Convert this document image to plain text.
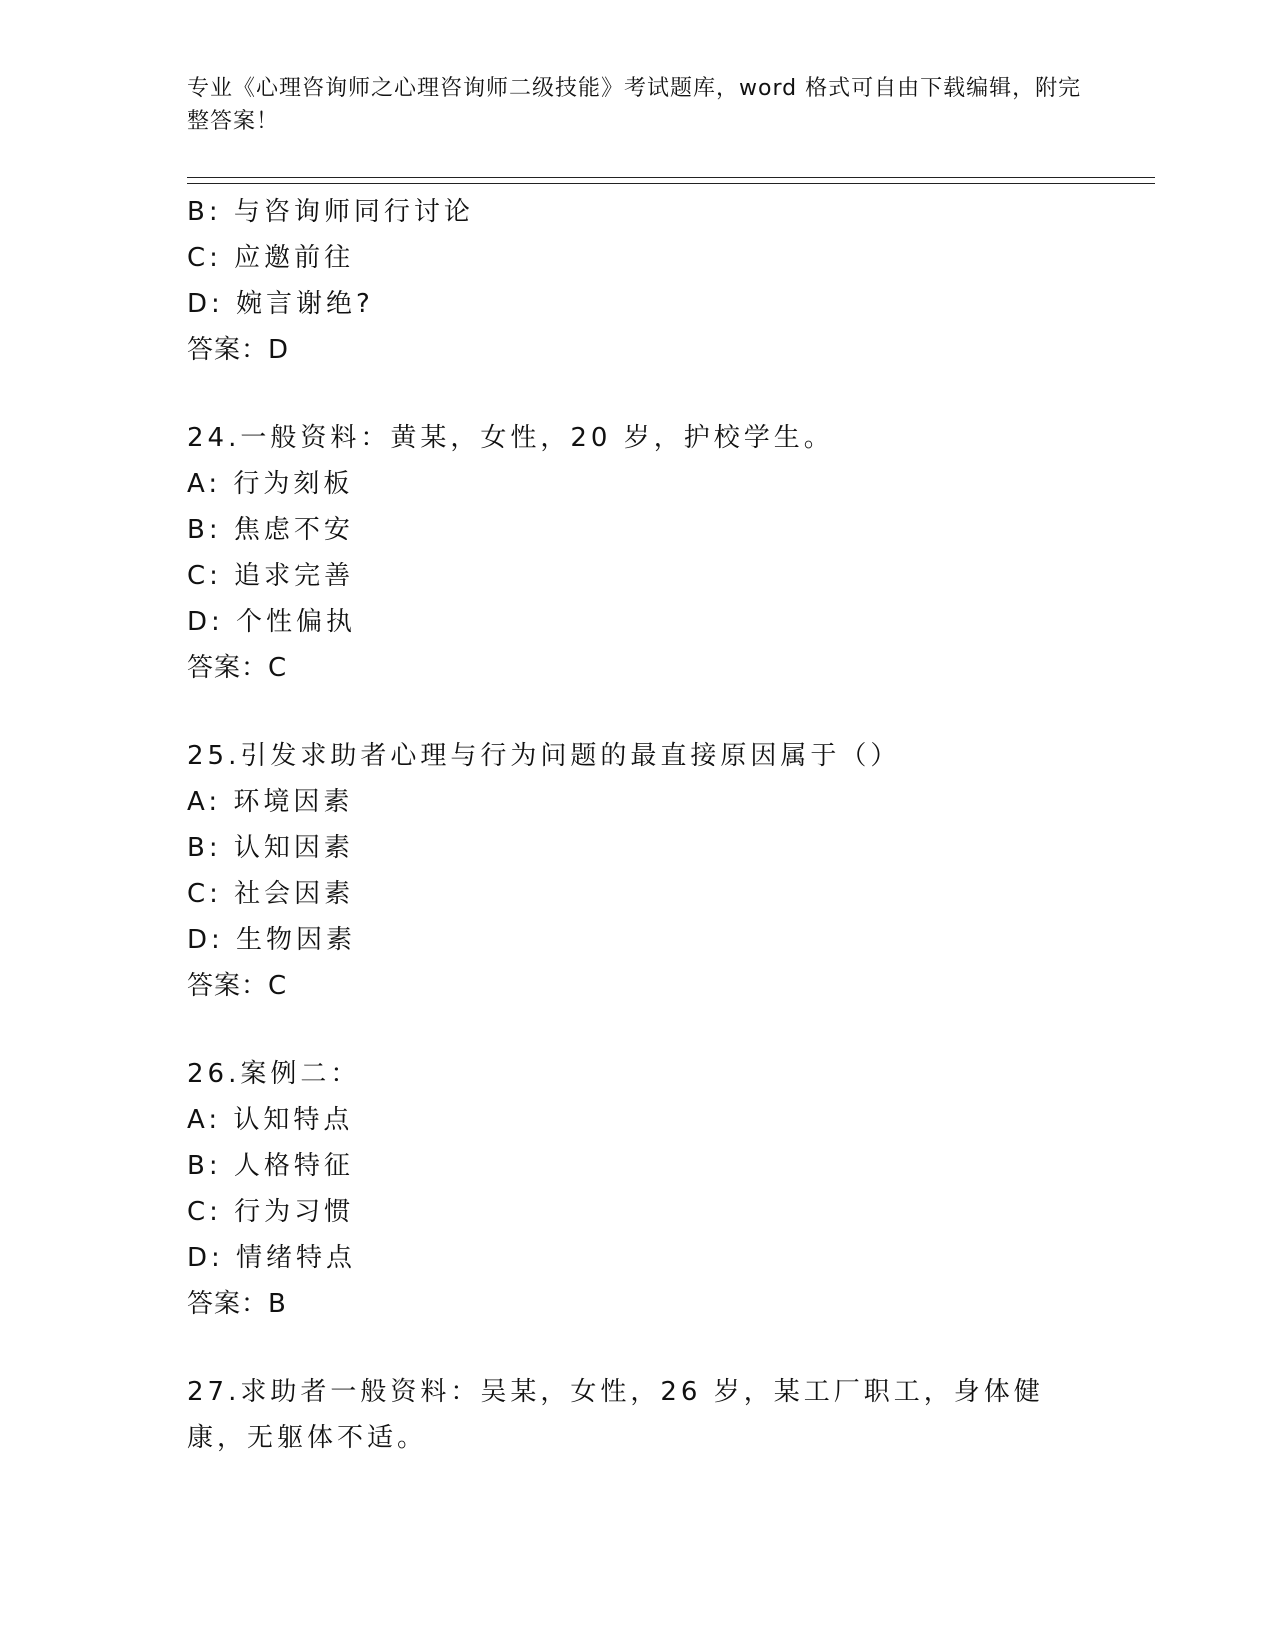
专业《心理咨询师之心理咨询师二级技能》考试题库，word 格式可自由下载编辑，附完整答案！
B: 与咨询师同行讨论
C: 应邀前往
D: 婉言谢绝?
答案：D
24.一般资料：黄某，女性，20 岁，护校学生。
A: 行为刻板
B: 焦虑不安
C: 追求完善
D: 个性偏执
答案：C
25.引发求助者心理与行为问题的最直接原因属于（）
A: 环境因素
B: 认知因素
C: 社会因素
D: 生物因素
答案：C
26.案例二：
A: 认知特点
B: 人格特征
C: 行为习惯
D: 情绪特点
答案：B
27.求助者一般资料：吴某，女性，26 岁，某工厂职工，身体健康，无躯体不适。
